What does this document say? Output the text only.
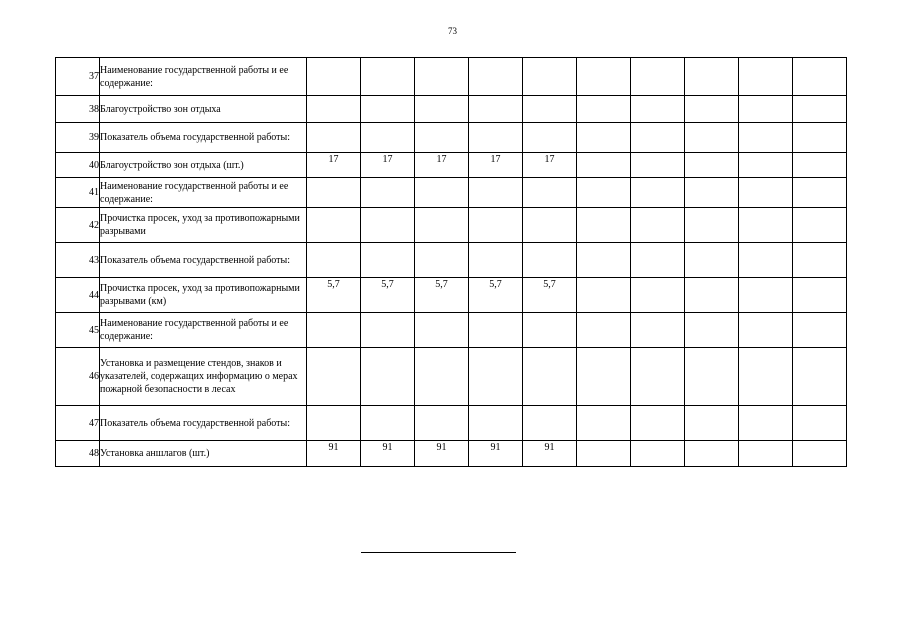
73
37	Наименование государственной работы и ее содержание:										
38	Благоустройство зон отдыха										
39	Показатель объема государственной работы:										
40	Благоустройство зон отдыха (шт.)	17	17	17	17	17					
41	Наименование государственной работы и ее содержание:										
42	Прочистка просек, уход за противопожарными разрывами										
43	Показатель объема государственной работы:										
44	Прочистка просек, уход за противопожарными разрывами (км)	5,7	5,7	5,7	5,7	5,7					
45	Наименование государственной работы и ее содержание:										
46	Установка и размещение стендов, знаков и указателей, содержащих информацию о мерах пожарной безопасности в лесах										
47	Показатель объема государственной работы:										
48	Установка аншлагов (шт.)	91	91	91	91	91					
